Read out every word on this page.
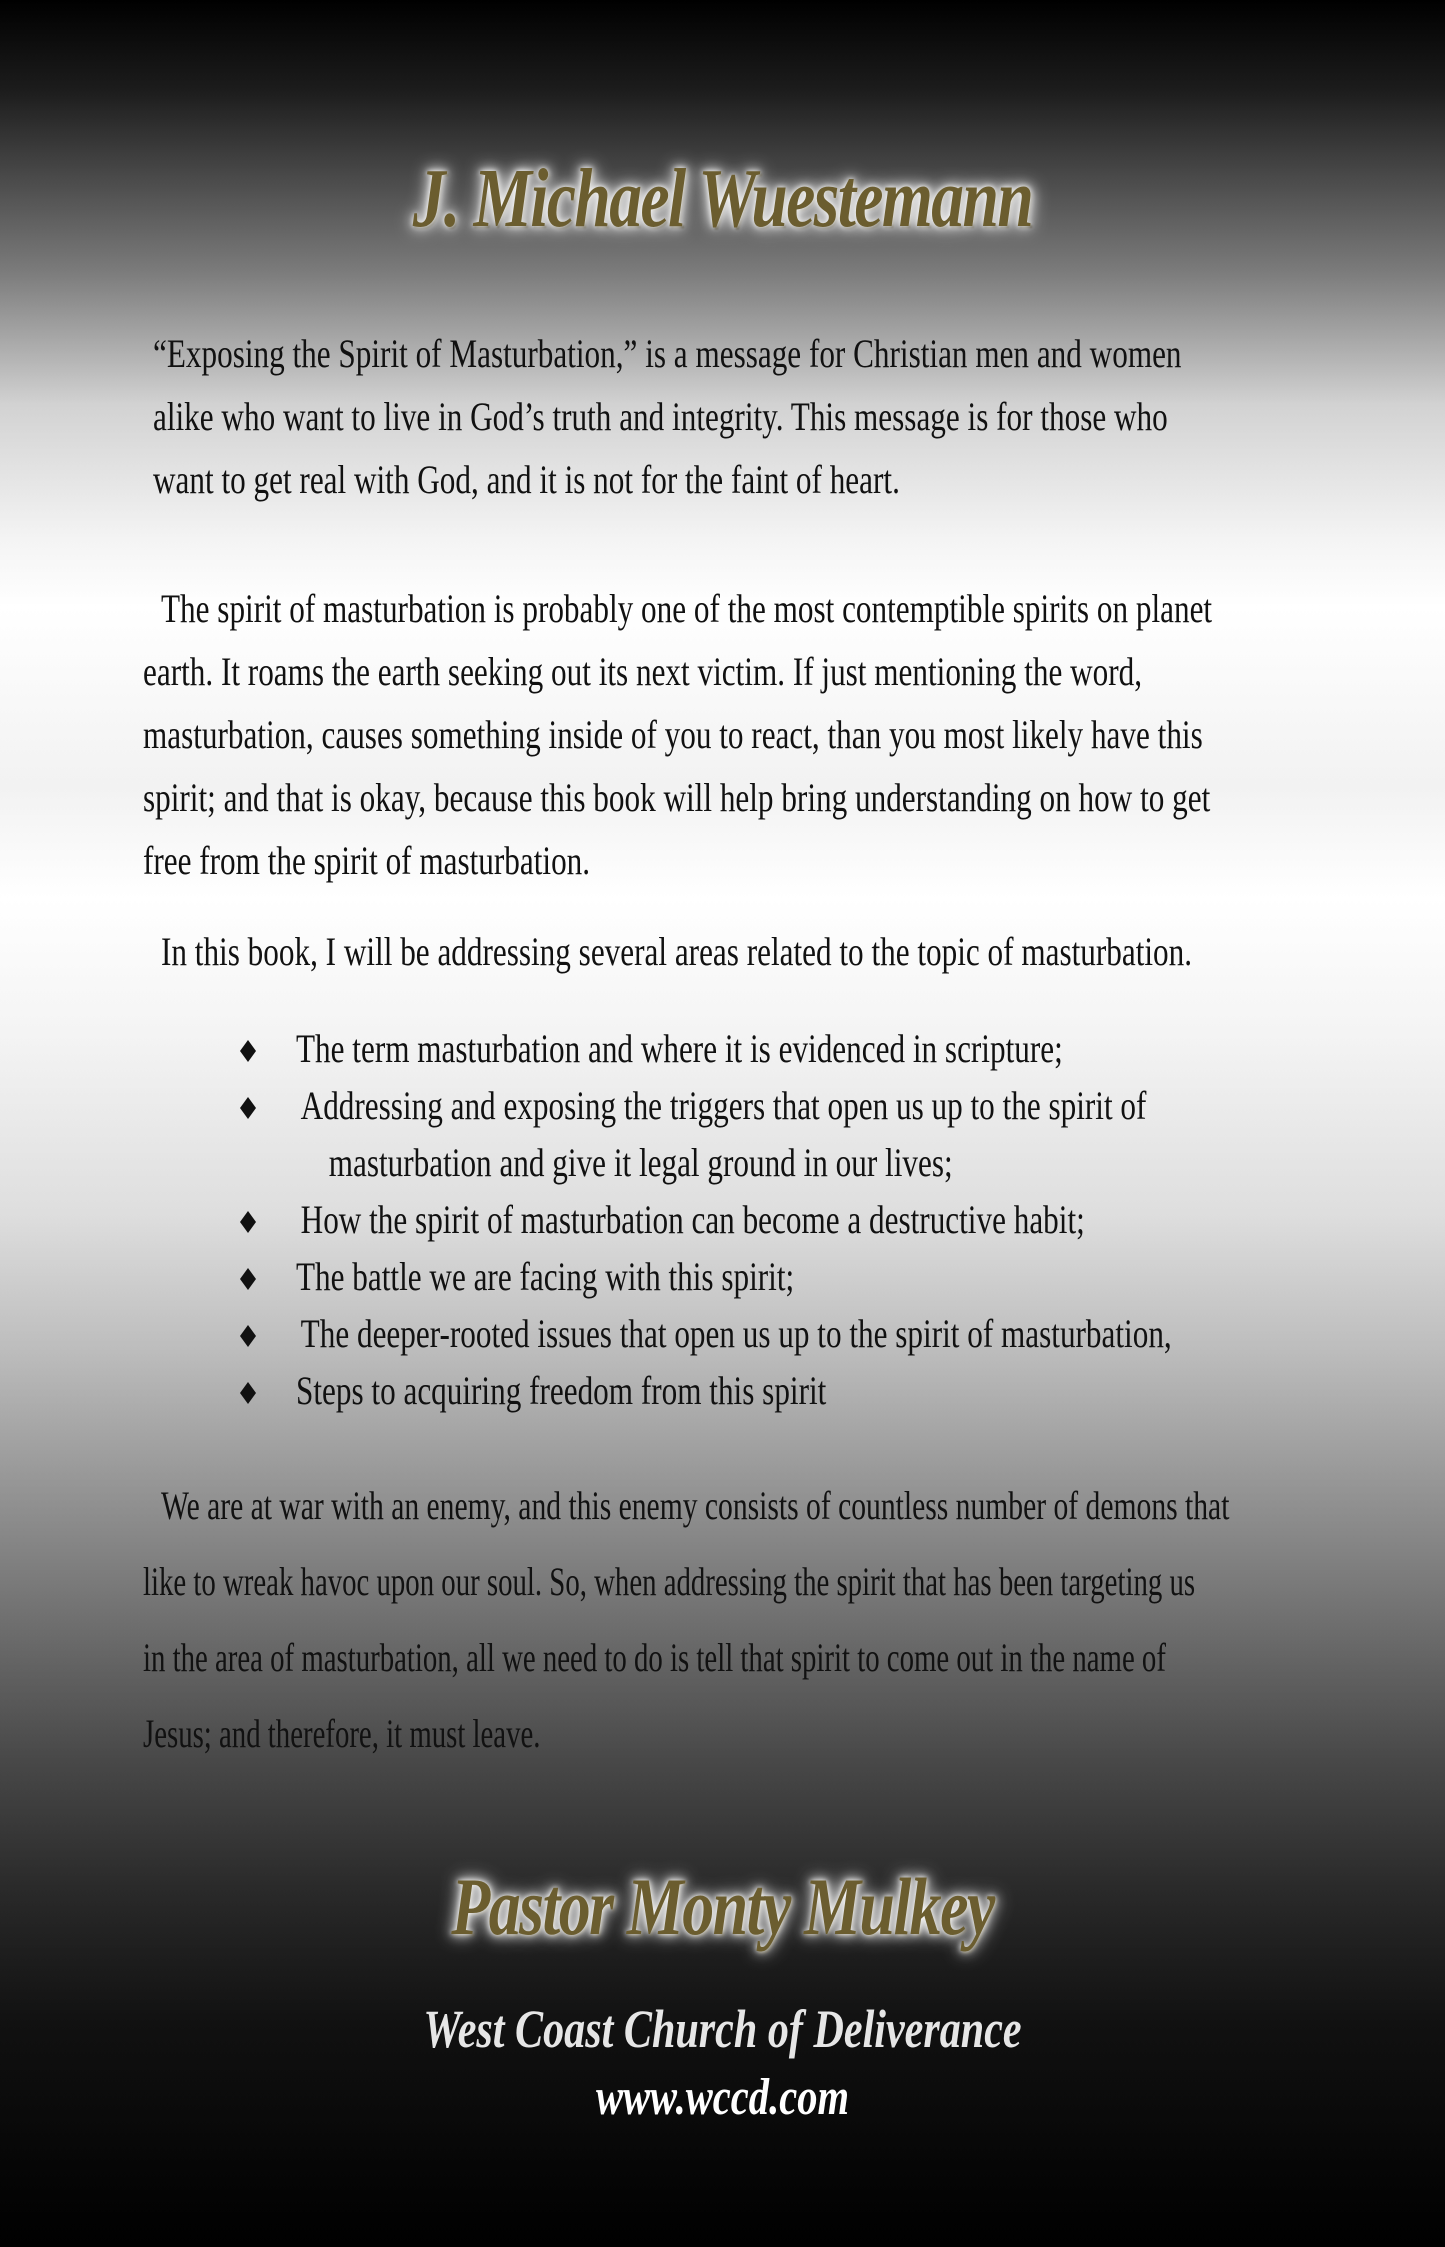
J. Michael Wuestemann

“Exposing the Spirit of Masturbation,” is a message for Christian men and women

alike who want to live in God’s truth and integrity. This message is for those who

want to get real with God, and it is not for the faint of heart.

The spirit of masturbation is probably one of the most contemptible spirits on planet

earth. It roams the earth seeking out its next victim. If just mentioning the word,

masturbation, causes something inside of you to react, than you most likely have this

spirit; and that is okay, because this book will help bring understanding on how to get

free from the spirit of masturbation.

In this book, I will be addressing several areas related to the topic of masturbation.

The term masturbation and where it is evidenced in scripture;
Addressing and exposing the triggers that open us up to the spirit of
masturbation and give it legal ground in our lives;
How the spirit of masturbation can become a destructive habit;
The battle we are facing with this spirit;
The deeper-rooted issues that open us up to the spirit of masturbation,
Steps to acquiring freedom from this spirit

We are at war with an enemy, and this enemy consists of countless number of demons that

like to wreak havoc upon our soul. So, when addressing the spirit that has been targeting us

in the area of masturbation, all we need to do is tell that spirit to come out in the name of

Jesus; and therefore, it must leave.

Pastor Monty Mulkey
West Coast Church of Deliverance
www.wccd.com
